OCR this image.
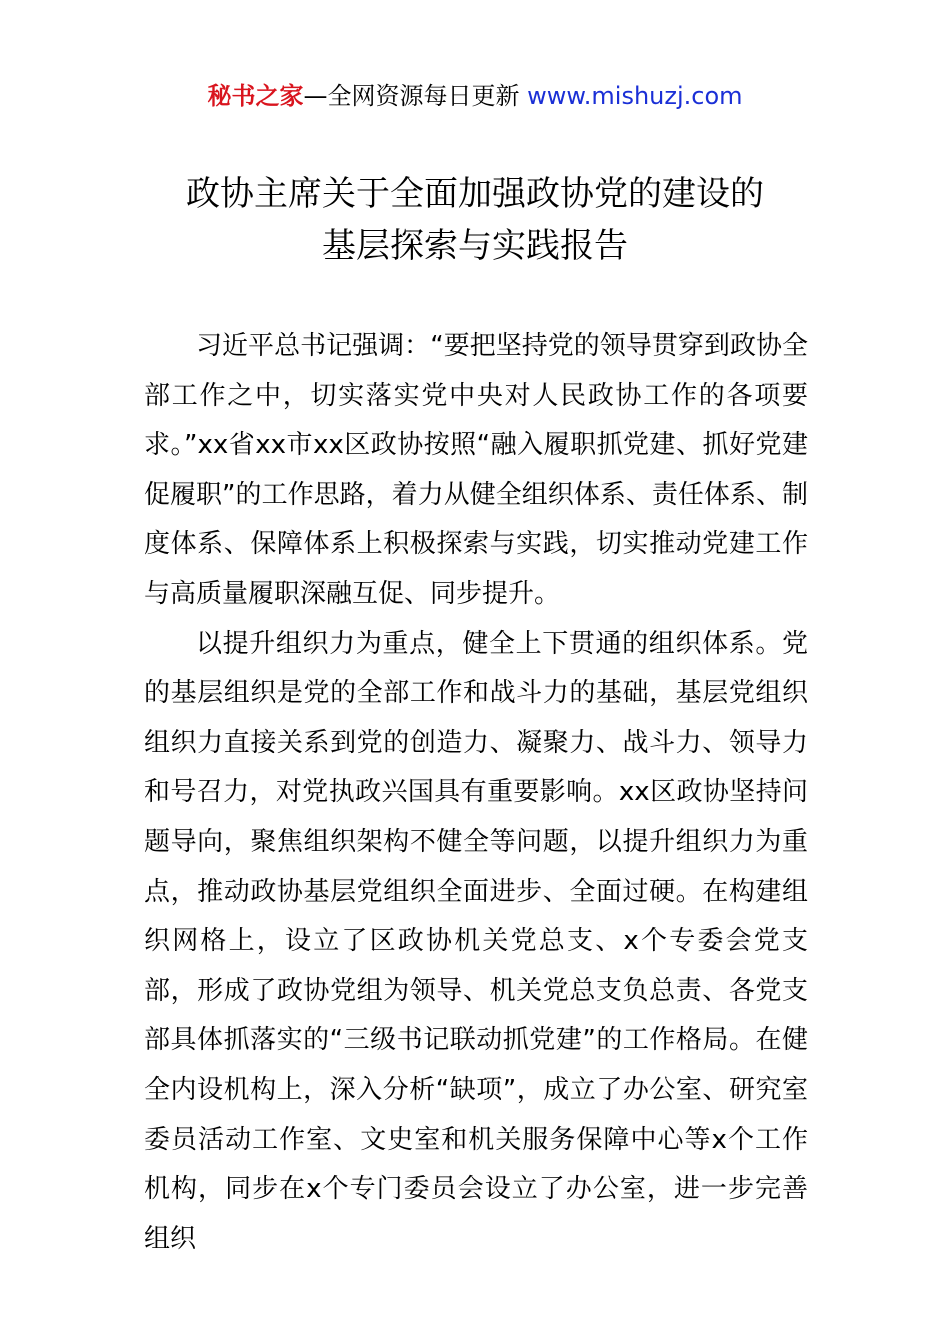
秘书之家—全网资源每日更新 www.mishuzj.com
政协主席关于全面加强政协党的建设的
基层探索与实践报告

习近平总书记强调：“要把坚持党的领导贯穿到政协全部工作之中，切实落实党中央对人民政协工作的各项要求。”xx省xx市xx区政协按照“融入履职抓党建、抓好党建促履职”的工作思路，着力从健全组织体系、责任体系、制度体系、保障体系上积极探索与实践，切实推动党建工作与高质量履职深融互促、同步提升。

以提升组织力为重点，健全上下贯通的组织体系。党的基层组织是党的全部工作和战斗力的基础，基层党组织组织力直接关系到党的创造力、凝聚力、战斗力、领导力和号召力，对党执政兴国具有重要影响。xx区政协坚持问题导向，聚焦组织架构不健全等问题，以提升组织力为重点，推动政协基层党组织全面进步、全面过硬。在构建组织网格上，设立了区政协机关党总支、x个专委会党支部，形成了政协党组为领导、机关党总支负总责、各党支部具体抓落实的“三级书记联动抓党建”的工作格局。在健全内设机构上，深入分析“缺项”，成立了办公室、研究室委员活动工作室、文史室和机关服务保障中心等x个工作机构，同步在x个专门委员会设立了办公室，进一步完善组织
